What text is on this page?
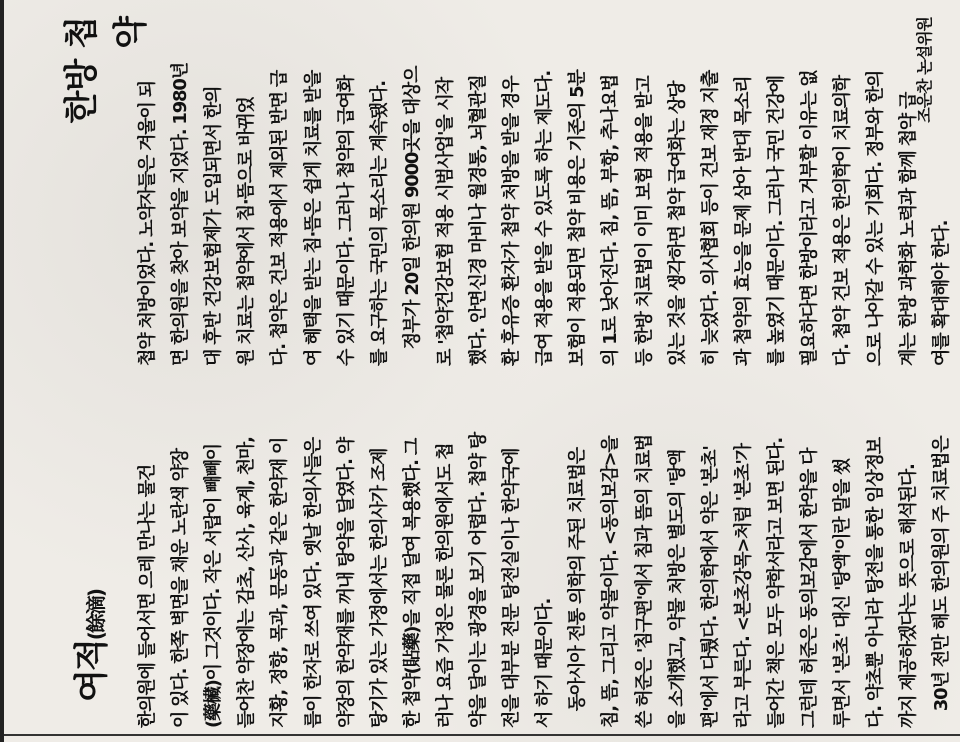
여적(餘滴)
한방 첩약
한의원에 들어서면 으레 만나는 물건 이 있다. 한쪽 벽면을 채운 노란색 약장 (藥欌)이 그것이다. 작은 서랍이 빼빼이 들어찬 약장에는 감초, 산사, 육계, 천마, 지황, 정향, 목과, 문동과 같은 한약재 이 름이 한자로 쓰여 있다. 옛날 한의사들은 약장의 한약재를 꺼내 탕약을 달였다. 약 탕기가 있는 가정에서는 한의사가 조제 한 첩약(貼藥)을 직접 달여 복용했다. 그 러나 요즘 가정은 물론 한의원에서도 첩 약을 달이는 광경을 보기 어렵다. 첩약 탕 전을 대부분 전문 탕전실이나 한약국에 서 하기 때문이다. 　동아시아 전통 의학의 주된 치료법은 침, 뜸, 그리고 약물이다. <동의보감>을 쓴 허준은 '침구편'에서 침과 뜸의 치료법 을 소개했고, 약물 처방은 별도의 '탕액 편'에서 다뤘다. 한의학에서 약은 '본초' 라고 부른다. <본초강목>처럼 '본초'가 들어간 책은 모두 약학서라고 보면 된다. 그런데 허준은 동의보감에서 한약을 다 루면서 '본초' 대신 '탕액'이란 말을 썼 다. 약초뿐 아니라 탕전을 통한 임상정보 까지 제공하겠다는 뜻으로 해석된다. 　30년 전만 해도 한의원의 주 치료법은
첩약 처방이었다. 노약자들은 겨울이 되 면 한의원을 찾아 보약을 지었다. 1980년 대 후반 건강보험제가 도입되면서 한의 원 치료는 첩약에서 침·뜸으로 바뀌었 다. 첩약은 건보 적용에서 제외된 반면 급 여 혜택을 받는 침·뜸은 쉽게 치료를 받을 수 있기 때문이다. 그러나 첩약의 급여화 를 요구하는 국민의 목소리는 계속됐다. 　정부가 20일 한의원 9000곳을 대상으 로 '첩약건강보험 적용 시범사업'을 시작 했다. 안면신경 마비나 월경통, 뇌혈관질 환 후유증 환자가 첩약 처방을 받을 경우 급여 적용을 받을 수 있도록 하는 제도다. 보험이 적용되면 첩약 비용은 기존의 5분 의 1로 낮아진다. 침, 뜸, 부항, 추나요법 등 한방 치료법이 이미 보험 적용을 받고 있는 것을 생각하면 첩약 급여화는 상당 히 늦었다. 의사협회 등이 건보 재정 지출 과 첩약의 효능을 문제 삼아 반대 목소리 를 높였기 때문이다. 그러나 국민 건강에 필요하다면 한방이라고 거부할 이유는 없 다. 첩약 건보 적용은 한의학이 치료의학 으로 나아갈 수 있는 기회다. 정부와 한의 계는 한방 과학화 노력과 함께 첩약 급 여를 확대해야 한다.
조운찬 논설위원
